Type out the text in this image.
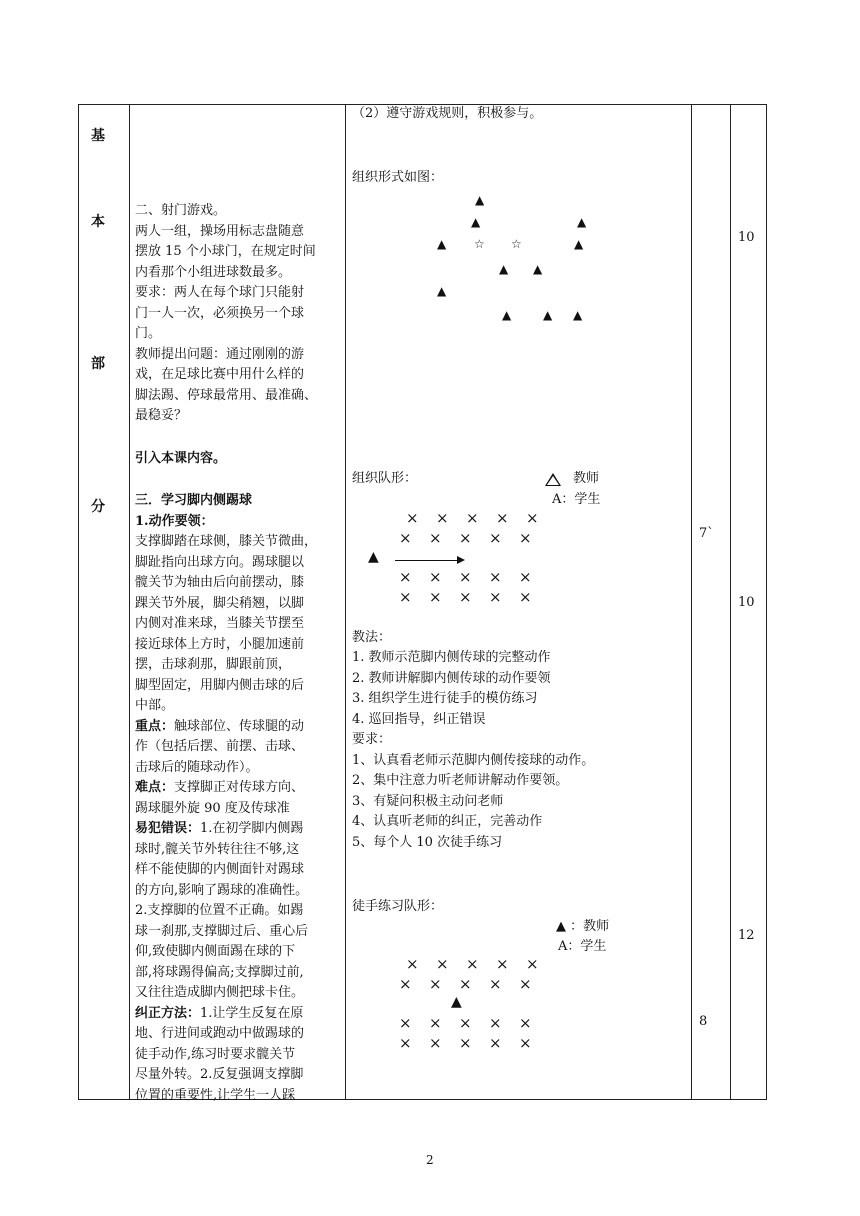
基
本
部
分
二、射门游戏。
两人一组，操场用标志盘随意
摆放 15 个小球门，在规定时间
内看那个小组进球数最多。
要求：两人在每个球门只能射
门一人一次，必须换另一个球
门。
教师提出问题：通过刚刚的游
戏，在足球比赛中用什么样的
脚法踢、停球最常用、最准确、
最稳妥？
引入本课内容。
三．学习脚内侧踢球
1.动作要领：
支撑脚踏在球侧，膝关节微曲，
脚趾指向出球方向。踢球腿以
髋关节为轴由后向前摆动，膝
踝关节外展，脚尖稍翘，以脚
内侧对准来球，当膝关节摆至
接近球体上方时，小腿加速前
摆，击球刹那，脚跟前顶，
脚型固定，用脚内侧击球的后
中部。
重点：触球部位、传球腿的动
作（包括后摆、前摆、击球、
击球后的随球动作）。
难点：支撑脚正对传球方向、
踢球腿外旋 90 度及传球准
易犯错误：1.在初学脚内侧踢
球时,髋关节外转往往不够,这
样不能使脚的内侧面针对踢球
的方向,影响了踢球的准确性。
2.支撑脚的位置不正确。如踢
球一刹那,支撑脚过后、重心后
仰,致使脚内侧面踢在球的下
部,将球踢得偏高;支撑脚过前,
又往往造成脚内侧把球卡住。
纠正方法：1.让学生反复在原
地、行进间或跑动中做踢球的
徒手动作,练习时要求髋关节
尽量外转。2.反复强调支撑脚
位置的重要性,让学生一人踩
（2）遵守游戏规则，积极参与。
组织形式如图：
▲
▲
▲
▲
☆
☆
▲
▲
▲
▲
▲
▲
▲
组织队形：	教师
A：学生
×
×
×
×
×
×
×
×
×
×
×
×
×
×
×
×
×
×
×
×
▲
教法：
1. 教师示范脚内侧传球的完整动作
2. 教师讲解脚内侧传球的动作要领
3. 组织学生进行徒手的模仿练习
4. 巡回指导，纠正错误
要求：
1、认真看老师示范脚内侧传接球的动作。
2、集中注意力听老师讲解动作要领。
3、有疑问积极主动问老师
4、认真听老师的纠正，完善动作
5、每个人 10 次徒手练习
徒手练习队形：
▲ ：教师
A：学生
×
×
×
×
×
×
×
×
×
×
×
×
×
×
×
×
×
×
×
×
▲
7`
8
10
10
12
2
